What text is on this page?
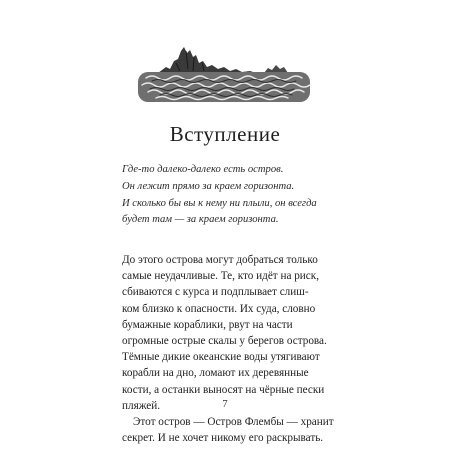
Вступление
Где-то далеко-далеко есть остров.
Он лежит прямо за краем горизонта.
И сколько бы вы к нему ни плыли, он всегда
будет там — за краем горизонта.
До этого острова могут добраться только
самые неудачливые. Те, кто идёт на риск,
сбиваются с курса и подплывает слиш-
ком близко к опасности. Их суда, словно
бумажные кораблики, рвут на части
огромные острые скалы у берегов острова.
Тёмные дикие океанские воды утягивают
корабли на дно, ломают их деревянные
кости, а останки выносят на чёрные пески
пляжей.
Этот остров — Остров Флембы — хранит
секрет. И не хочет никому его раскрывать.
7
